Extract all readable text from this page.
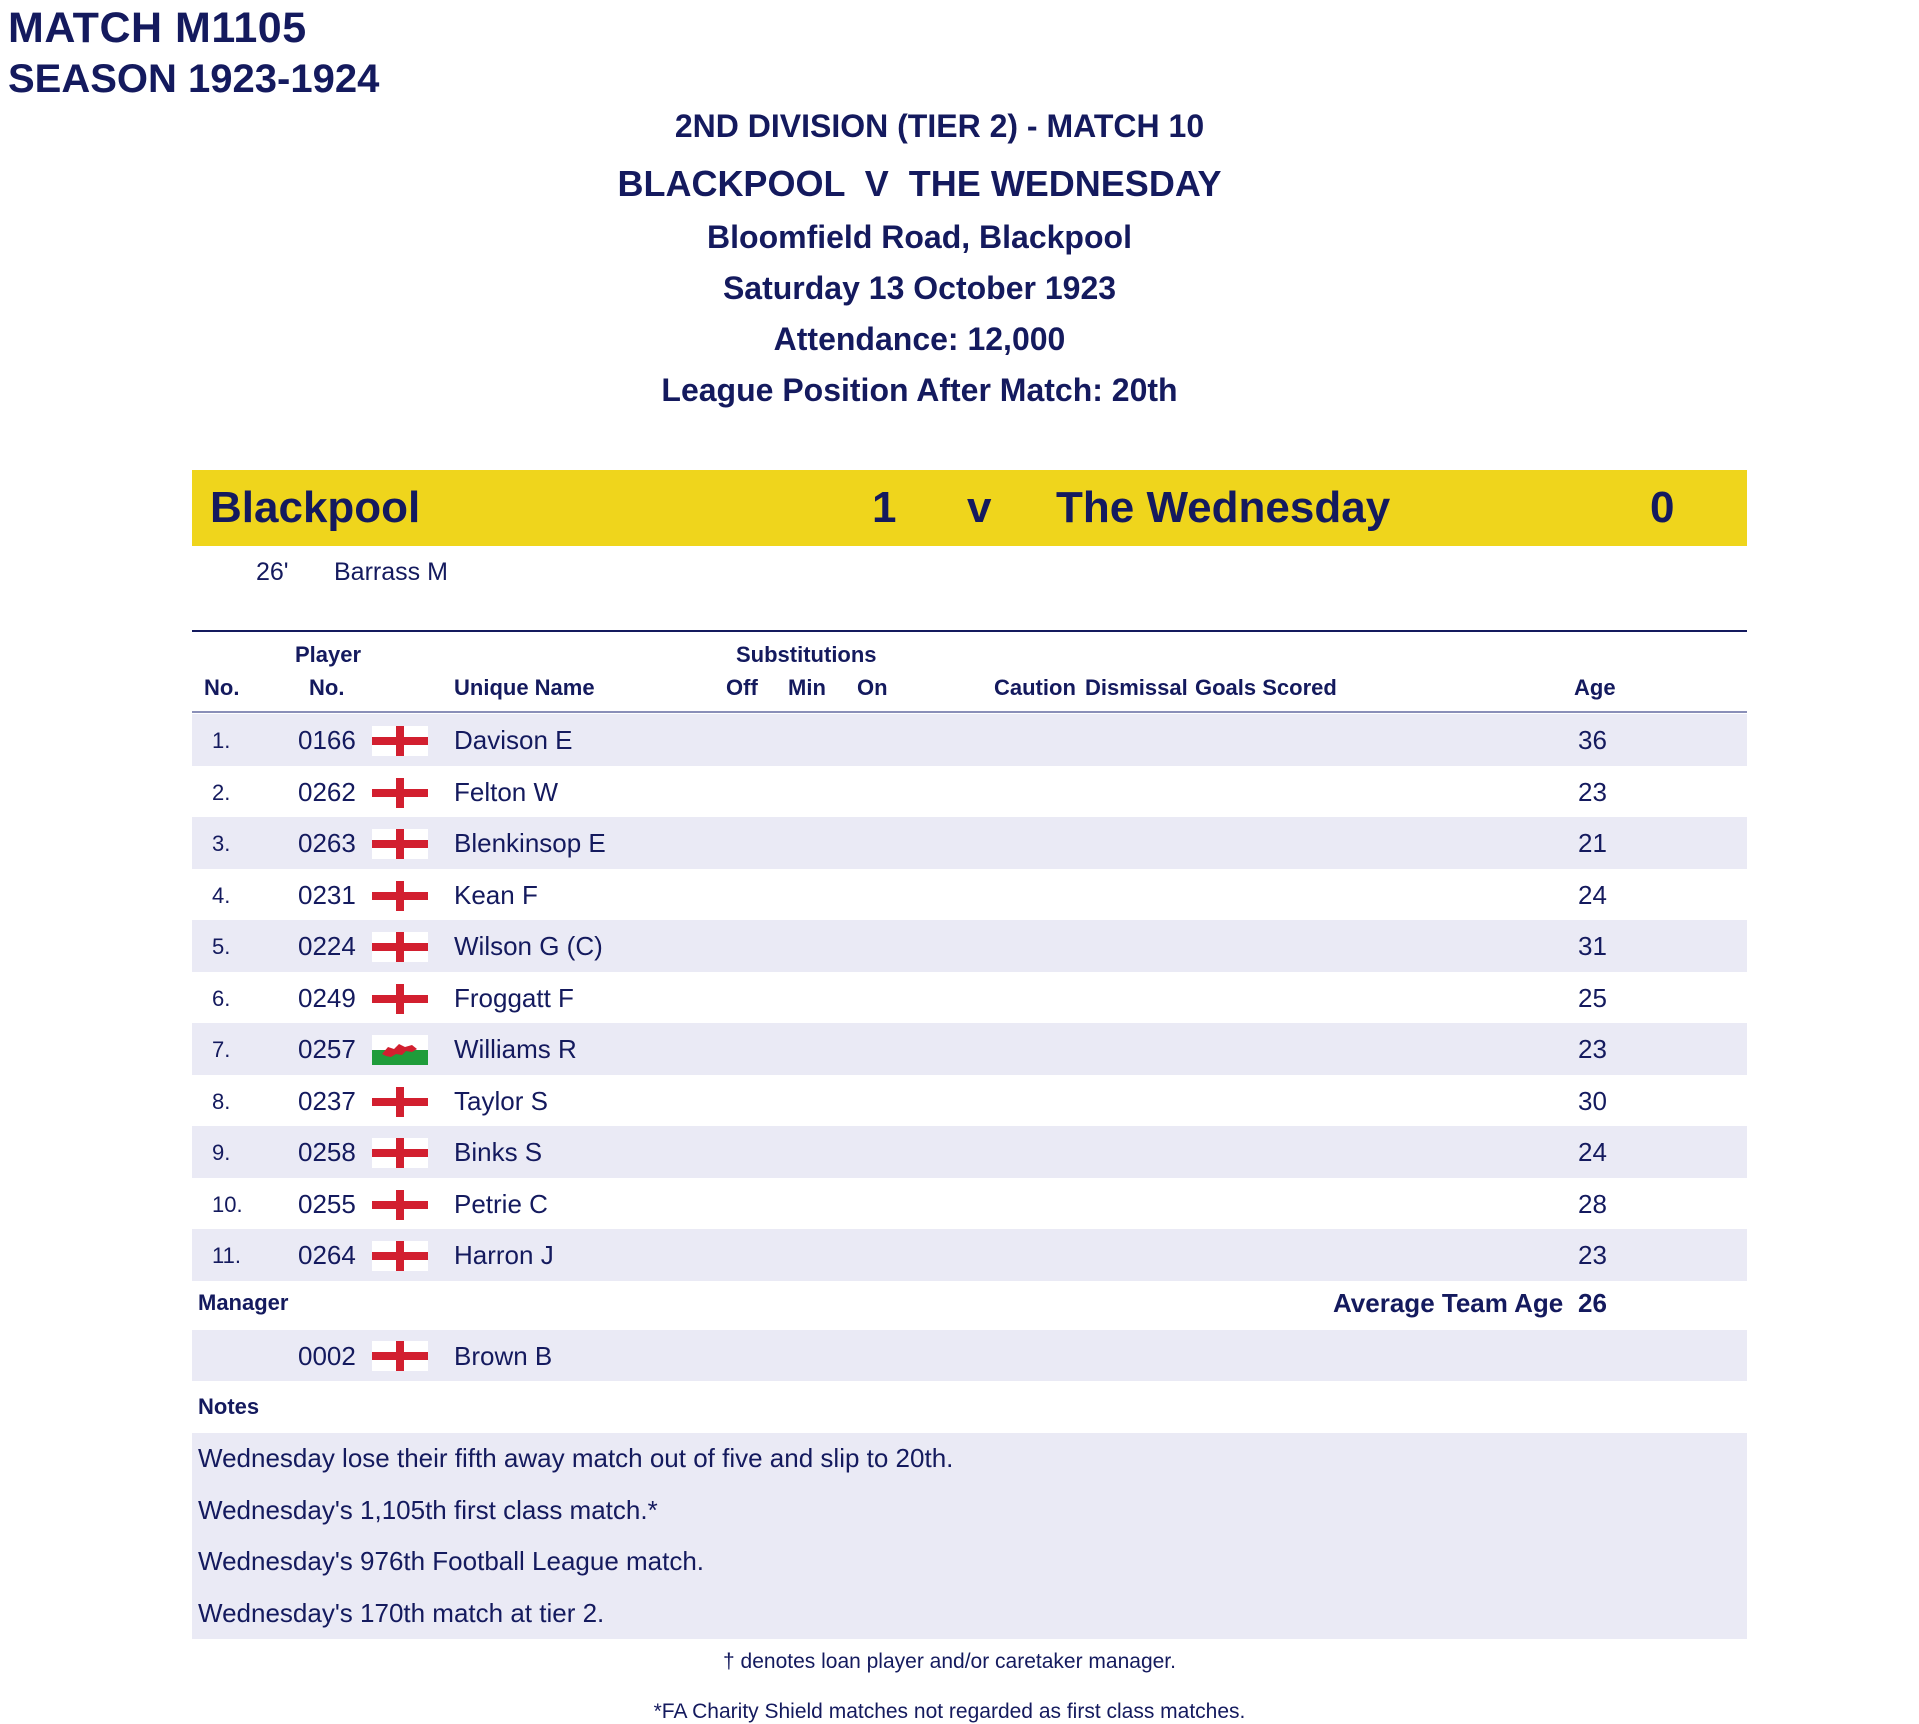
MATCH M1105
SEASON 1923-1924
2ND DIVISION (TIER 2) - MATCH 10
BLACKPOOL  V  THE WEDNESDAY
Bloomfield Road, Blackpool
Saturday 13 October 1923
Attendance: 12,000
League Position After Match: 20th
Blackpool	1 v The Wednesday	0
26' Barrass M
Player
No.	No.	Unique Name
Substitutions
Off Min On	Caution Dismissal Goals Scored	Age
1.	0166	Davison E	36
2.	0262	Felton W	23
3.	0263	Blenkinsop E	21
4.	0231	Kean F	24
5.	0224	Wilson G (C)	31
6.	0249	Froggatt F	25
7.	0257	Williams R	23
8.	0237	Taylor S	30
9.	0258	Binks S	24
10. 0255	Petrie C	28
11. 0264	Harron J	23
Manager	Average Team Age 26
0002	Brown B
Notes
Wednesday lose their fifth away match out of five and slip to 20th.
Wednesday's 1,105th first class match.*
Wednesday's 976th Football League match.
Wednesday's 170th match at tier 2.
† denotes loan player and/or caretaker manager.
*FA Charity Shield matches not regarded as first class matches.
